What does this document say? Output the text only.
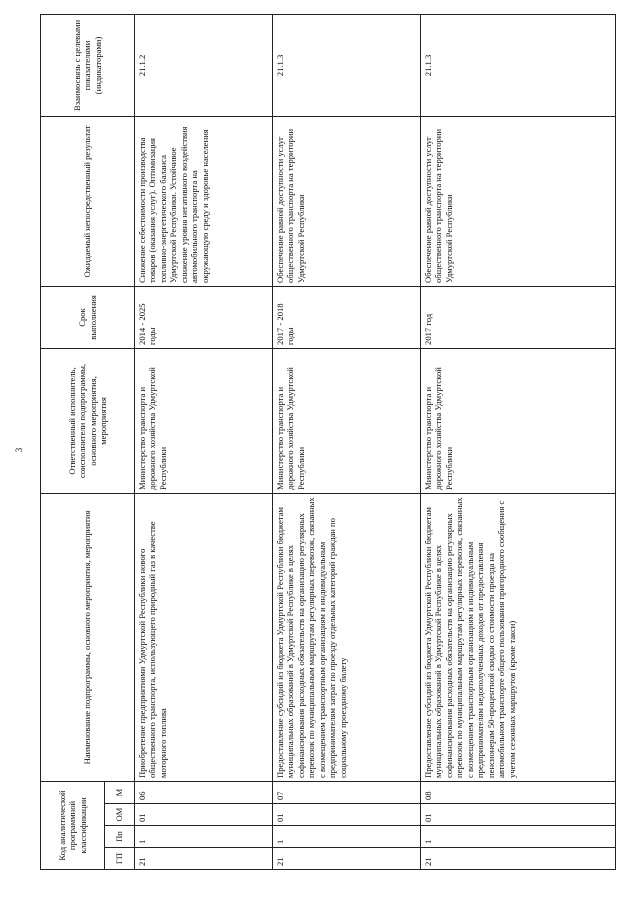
3
Код аналитической программной классификации				Наименование подпрограммы, основного мероприятия, мероприятия	Ответственный исполнитель, соисполнители подпрограммы, основного мероприятия, мероприятия	Срок выполнения	Ожидаемый непосредственный результат	Взаимосвязь с целевыми показателями (индикаторами)
ГП	Пп	ОМ	М					
21	1	01	06	Приобретение предприятиями Удмуртской Республики нового общественного транспорта, использующего природный газ в качестве моторного топлива	Министерство транспорта и дорожного хозяйства Удмуртской Республики	2014 - 2025 годы	Снижение себестоимости производства товаров (оказания услуг). Оптимизация топливно-энергетического баланса Удмуртской Республики. Устойчивое снижение уровня негативного воздействия автомобильного транспорта на окружающую среду и здоровье населения	21.1.2
21	1	01	07	Предоставление субсидий из бюджета Удмуртской Республики бюджетам муниципальных образований в Удмуртской Республике в целях софинансирования расходных обязательств на организацию регулярных перевозок по муниципальным маршрутам регулярных перевозок, связанных с возмещением транспортным организациям и индивидуальным предпринимателям затрат по проезду отдельных категорий граждан по социальному проездному билету	Министерство транспорта и дорожного хозяйства Удмуртской Республики	2017 - 2018 годы	Обеспечение равной доступности услуг общественного транспорта на территории Удмуртской Республики	21.1.3
21	1	01	08	Предоставление субсидий из бюджета Удмуртской Республики бюджетам муниципальных образований в Удмуртской Республике в целях софинансирования расходных обязательств на организацию регулярных перевозок по муниципальным маршрутам регулярных перевозок, связанных с возмещением транспортным организациям и индивидуальным предпринимателям недополученных доходов от предоставления пенсионерам 50-процентной скидки со стоимости проезда на автомобильном транспорте общего пользования пригородного сообщения с учетом сезонных маршрутов (кроме такси)	Министерство транспорта и дорожного хозяйства Удмуртской Республики	2017 год	Обеспечение равной доступности услуг общественного транспорта на территории Удмуртской Республики	21.1.3
